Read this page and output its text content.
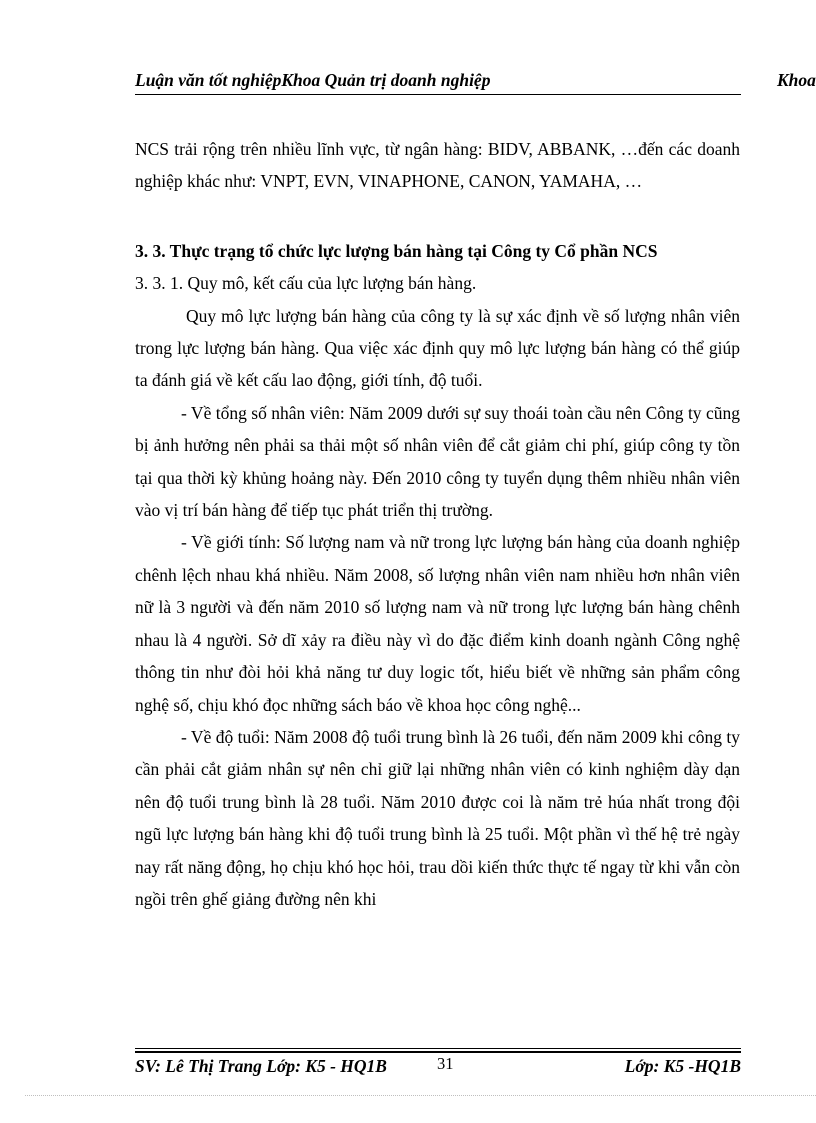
Luận văn tốt nghiệpKhoa Quản trị doanh nghiệp	Khoa

NCS trải rộng trên nhiều lĩnh vực, từ ngân hàng: BIDV, ABBANK, …đến các doanh nghiệp khác như: VNPT, EVN, VINAPHONE, CANON, YAMAHA, …

3. 3. Thực trạng tổ chức lực lượng bán hàng tại Công ty Cổ phần NCS

3. 3. 1. Quy mô, kết cấu của lực lượng bán hàng.

Quy mô lực lượng bán hàng của công ty là sự xác định về số lượng nhân viên trong lực lượng bán hàng. Qua việc xác định quy mô lực lượng bán hàng có thể giúp ta đánh giá về kết cấu lao động, giới tính, độ tuổi.

- Về tổng số nhân viên: Năm 2009 dưới sự suy thoái toàn cầu nên Công ty cũng bị ảnh hưởng nên phải sa thải một số nhân viên để cắt giảm chi phí, giúp công ty tồn tại qua thời kỳ khủng hoảng này. Đến 2010 công ty tuyển dụng thêm nhiều nhân viên vào vị trí bán hàng để tiếp tục phát triển thị trường.

- Về giới tính: Số lượng nam và nữ trong lực lượng bán hàng của doanh nghiệp chênh lệch nhau khá nhiều. Năm 2008, số lượng nhân viên nam nhiều hơn nhân viên nữ là 3 người và đến năm 2010 số lượng nam và nữ trong lực lượng bán hàng chênh nhau là 4 người. Sở dĩ xảy ra điều này vì do đặc điểm kinh doanh ngành Công nghệ thông tin như đòi hỏi khả năng tư duy logic tốt, hiểu biết về những sản phẩm công nghệ số, chịu khó đọc những sách báo về khoa học công nghệ...

- Về độ tuổi: Năm 2008 độ tuổi trung bình là 26 tuổi, đến năm 2009 khi công ty cần phải cắt giảm nhân sự nên chỉ giữ lại những nhân viên có kinh nghiệm dày dạn nên độ tuổi trung bình là 28 tuổi. Năm 2010 được coi là năm trẻ húa nhất trong đội ngũ lực lượng bán hàng khi độ tuổi trung bình là 25 tuổi. Một phần vì thế hệ trẻ ngày nay rất năng động, họ chịu khó học hỏi, trau dồi kiến thức thực tế ngay từ khi vẫn còn ngồi trên ghế giảng đường nên khi

SV: Lê Thị Trang Lớp: K5 - HQ1B	31	Lớp: K5 -HQ1B
